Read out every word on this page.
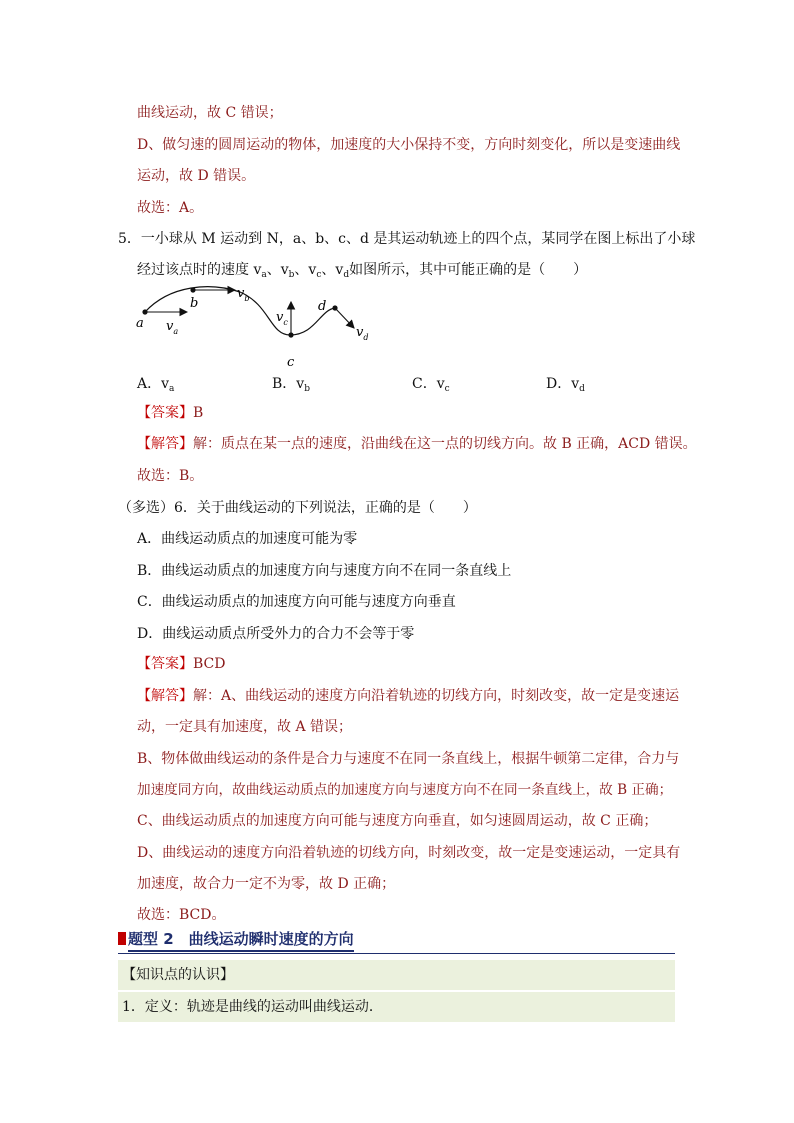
曲线运动，故 C 错误；
D、做匀速的圆周运动的物体，加速度的大小保持不变，方向时刻变化，所以是变速曲线
运动，故 D 错误。
故选：A。
5．一小球从 M 运动到 N，a、b、c、d 是其运动轨迹上的四个点，某同学在图上标出了小球
经过该点时的速度 $v_a$、$v_b$、$v_c$、$v_d$如图所示，其中可能正确的是（　　）
a
b
c
d
$v_a$
$v_b$
$v_c$
$v_d$
A．$v_a$	B．$v_b$	C．$v_c$	D．$v_d$
【答案】B
【解答】解：质点在某一点的速度，沿曲线在这一点的切线方向。故 B 正确，ACD 错误。
故选：B。
（多选）6．关于曲线运动的下列说法，正确的是（　　）
A．曲线运动质点的加速度可能为零
B．曲线运动质点的加速度方向与速度方向不在同一条直线上
C．曲线运动质点的加速度方向可能与速度方向垂直
D．曲线运动质点所受外力的合力不会等于零
【答案】BCD
【解答】解：A、曲线运动的速度方向沿着轨迹的切线方向，时刻改变，故一定是变速运
动，一定具有加速度，故 A 错误；
B、物体做曲线运动的条件是合力与速度不在同一条直线上，根据牛顿第二定律，合力与
加速度同方向，故曲线运动质点的加速度方向与速度方向不在同一条直线上，故 B 正确；
C、曲线运动质点的加速度方向可能与速度方向垂直，如匀速圆周运动，故 C 正确；
D、曲线运动的速度方向沿着轨迹的切线方向，时刻改变，故一定是变速运动，一定具有
加速度，故合力一定不为零，故 D 正确；
故选：BCD。
题型 2　曲线运动瞬时速度的方向
【知识点的认识】
1．定义：轨迹是曲线的运动叫曲线运动．
